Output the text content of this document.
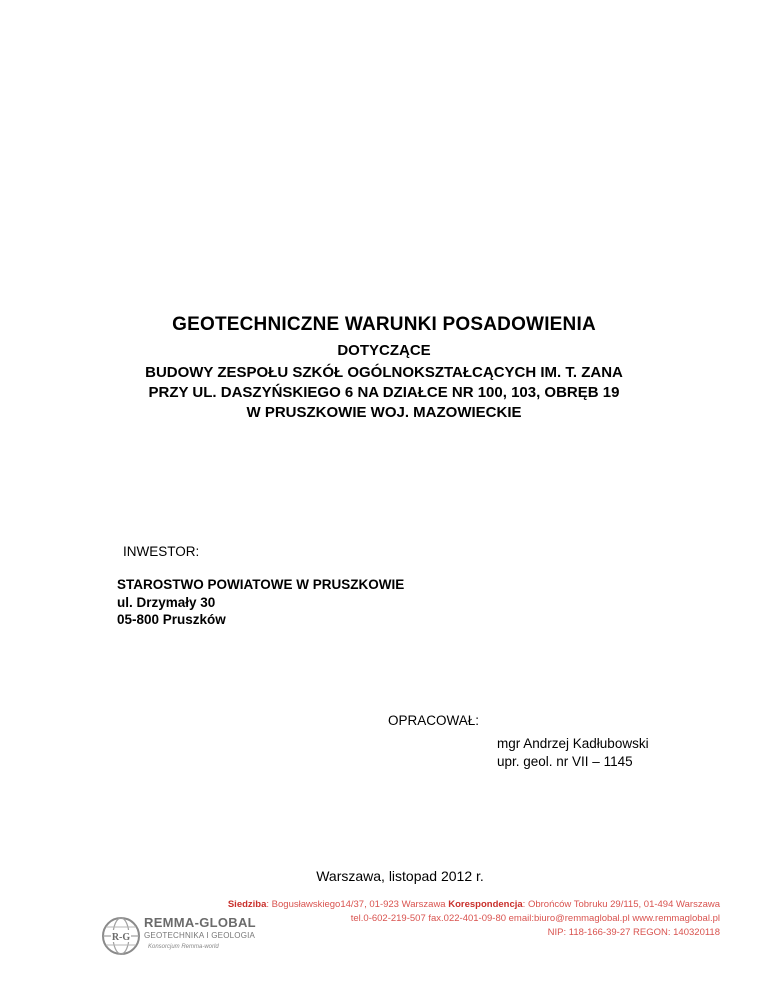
GEOTECHNICZNE WARUNKI POSADOWIENIA
DOTYCZĄCE
BUDOWY ZESPOŁU SZKÓŁ OGÓLNOKSZTAŁCĄCYCH IM. T. ZANA
PRZY UL. DASZYŃSKIEGO 6 NA DZIAŁCE NR 100, 103, OBRĘB 19
W PRUSZKOWIE WOJ. MAZOWIECKIE
INWESTOR:
STAROSTWO POWIATOWE W PRUSZKOWIE
ul. Drzymały 30
05-800 Pruszków
OPRACOWAŁ:
mgr Andrzej Kadłubowski
upr. geol. nr VII – 1145
Warszawa, listopad 2012 r.
R-G
REMMA-GLOBAL
GEOTECHNIKA I GEOLOGIA
Konsorcjum Remma-world
Siedziba: Bogusławskiego14/37, 01-923 Warszawa Korespondencja: Obrońców Tobruku 29/115, 01-494 Warszawa
tel.0-602-219-507 fax.022-401-09-80 email:biuro@remmaglobal.pl www.remmaglobal.pl
NIP: 118-166-39-27 REGON: 140320118
